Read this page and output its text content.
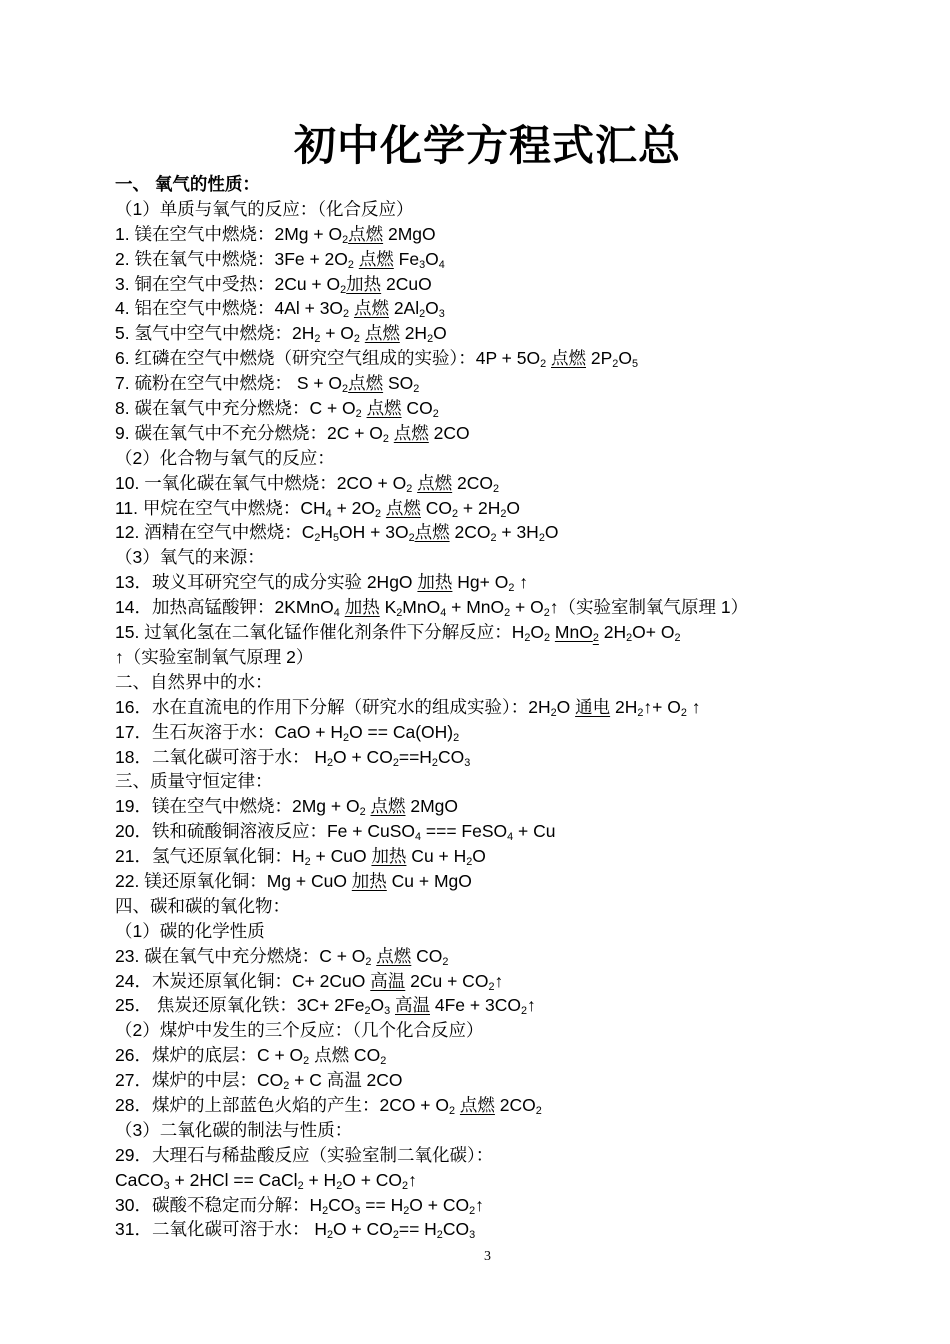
初中化学方程式汇总
一、 氧气的性质：
（1）单质与氧气的反应：（化合反应）
1. 镁在空气中燃烧：$2Mg + O_2$点燃 2MgO
2. 铁在氧气中燃烧：$3Fe + 2O_2$ 点燃 $Fe_3O_4$
3. 铜在空气中受热：$2Cu + O_2$加热 2CuO
4. 铝在空气中燃烧：$4Al + 3O_2$ 点燃 $2Al_2O_3$
5. 氢气中空气中燃烧：$2H_2 + O_2$ 点燃 $2H_2O$
6. 红磷在空气中燃烧（研究空气组成的实验）：$4P + 5O_2$ 点燃 $2P_2O_5$
7. 硫粉在空气中燃烧： $S + O_2$点燃 $SO_2$
8. 碳在氧气中充分燃烧：$C + O_2$ 点燃 $CO_2$
9. 碳在氧气中不充分燃烧：$2C + O_2$ 点燃 2CO
（2）化合物与氧气的反应：
10. 一氧化碳在氧气中燃烧：$2CO + O_2$ 点燃 $2CO_2$
11. 甲烷在空气中燃烧：$CH_4 + 2O_2$ 点燃 $CO_2 + 2H_2O$
12. 酒精在空气中燃烧：$C_2H_5OH + 3O_2$点燃 $2CO_2 + 3H_2O$
（3）氧气的来源：
13．玻义耳研究空气的成分实验 2HgO 加热 $Hg+ O_2$ ↑
14．加热高锰酸钾：2KMnO$_4$ 加热 $K_2MnO_4 + MnO_2$ + $O_2↑$（实验室制氧气原理 1）
15. 过氧化氢在二氧化锰作催化剂条件下分解反应：$H_2O_2$ MnO$_2$ $2H_2O+ O_2$ ↑（实验室制氧气原理 2）
二、自然界中的水：
16．水在直流电的作用下分解（研究水的组成实验）：$2H_2O$ 通电 $2H_2↑+ O_2$ ↑
17．生石灰溶于水：CaO + $H_2O == Ca(OH)_2$
18．二氧化碳可溶于水： $H_2O + CO_2==H_2CO_3$
三、质量守恒定律：
19．镁在空气中燃烧：$2Mg + O_2$ 点燃 2MgO
20．铁和硫酸铜溶液反应：Fe + CuSO$_4$ === FeSO$_4$ + Cu
21．氢气还原氧化铜：$H_2$ + CuO 加热 $Cu + H_2O$
22. 镁还原氧化铜：Mg + CuO 加热 Cu + MgO
四、碳和碳的氧化物：
（1）碳的化学性质
23. 碳在氧气中充分燃烧：$C + O_2$ 点燃 $CO_2$
24．木炭还原氧化铜：C+ 2CuO 高温 $2Cu + CO_2↑$
25． 焦炭还原氧化铁：$3C+ 2Fe_2O_3$ 高温 $4Fe + 3CO_2↑$
（2）煤炉中发生的三个反应：（几个化合反应）
26．煤炉的底层：$C + O_2$ 点燃 $CO_2$
27．煤炉的中层：$CO_2 + C$ 高温 2CO
28．煤炉的上部蓝色火焰的产生：$2CO + O_2$ 点燃 $2CO_2$
（3）二氧化碳的制法与性质：
29．大理石与稀盐酸反应（实验室制二氧化碳）：
CaCO$_3$ + 2HCl == CaCl$_2$ + $H_2O$ + $CO_2↑$
30．碳酸不稳定而分解：$H_2CO_3 == H_2O$ + $CO_2↑$
31．二氧化碳可溶于水： $H_2O + CO_2== H_2CO_3$
3
